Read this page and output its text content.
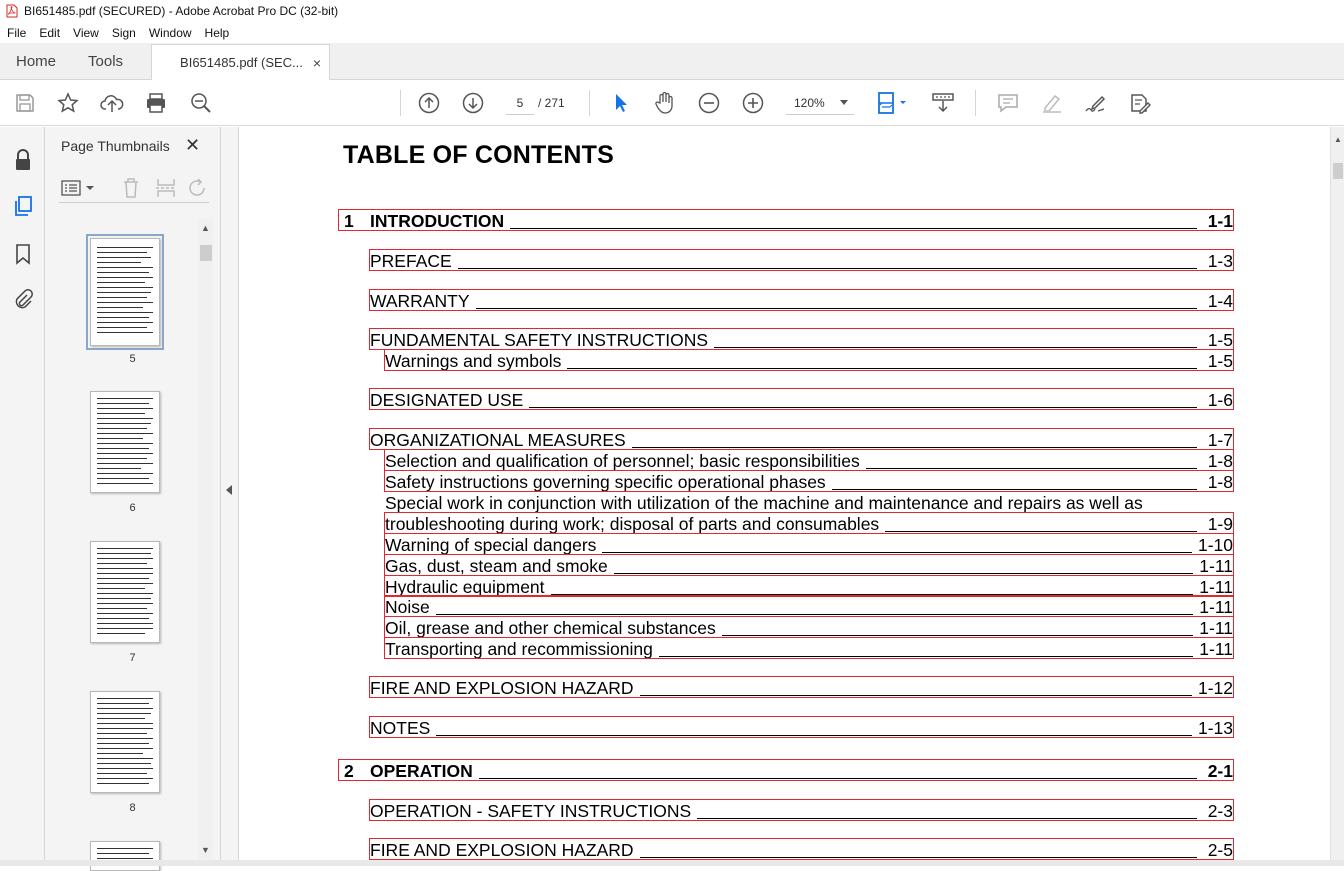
BI651485.pdf (SECURED) - Adobe Acrobat Pro DC (32-bit)
File	Edit	View	Sign	Window	Help
Home	Tools	BI651485.pdf (SEC... ×
5	/ 271	120%
Page Thumbnails ✕
5
6
7
8
▲
▼
TABLE OF CONTENTS
1 INTRODUCTION	1-1
PREFACE	1-3
WARRANTY	1-4
FUNDAMENTAL SAFETY INSTRUCTIONS	1-5
Warnings and symbols	1-5
DESIGNATED USE	1-6
ORGANIZATIONAL MEASURES	1-7
Selection and qualification of personnel; basic responsibilities	1-8
Safety instructions governing specific operational phases	1-8
Special work in conjunction with utilization of the machine and maintenance and repairs as well as
troubleshooting during work; disposal of parts and consumables	1-9
Warning of special dangers	1-10
Gas, dust, steam and smoke	1-11
Hydraulic equipment	1-11
Noise	1-11
Oil, grease and other chemical substances	1-11
Transporting and recommissioning	1-11
FIRE AND EXPLOSION HAZARD	1-12
NOTES	1-13
2 OPERATION	2-1
OPERATION - SAFETY INSTRUCTIONS	2-3
FIRE AND EXPLOSION HAZARD	2-5
▲
